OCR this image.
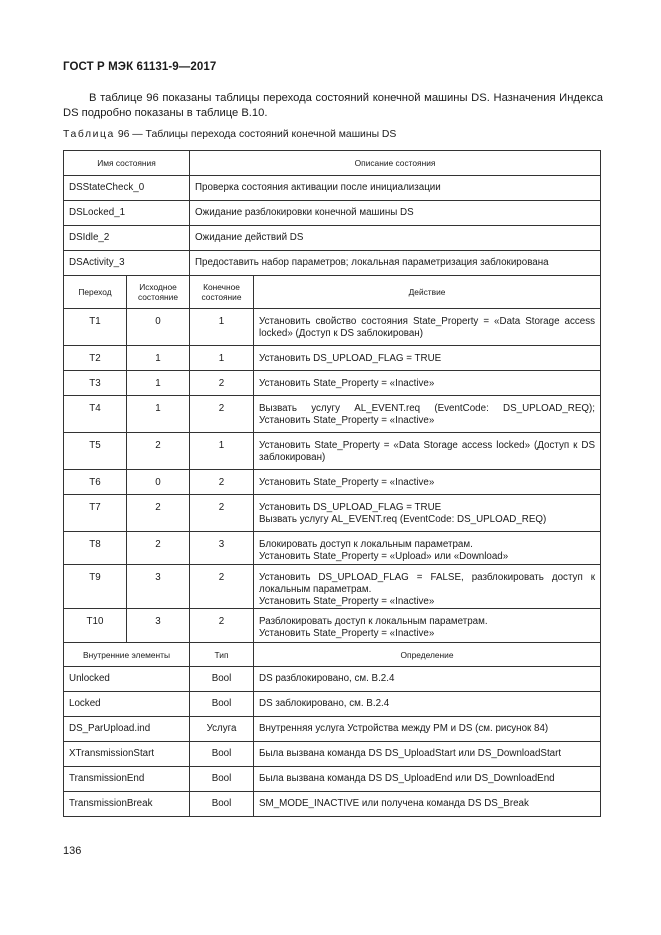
ГОСТ Р МЭК 61131-9—2017
В таблице 96 показаны таблицы перехода состояний конечной машины DS. Назначения Индекса DS подробно показаны в таблице В.10.
Таблица 96 — Таблицы перехода состояний конечной машины DS
Имя состояния		Описание состояния	
DSStateCheck_0		Проверка состояния активации после инициализации	
DSLocked_1		Ожидание разблокировки конечной машины DS	
DSIdle_2		Ожидание действий DS	
DSActivity_3		Предоставить набор параметров; локальная параметризация заблокирована	
Переход	Исходное состояние	Конечное состояние	Действие
T1	0	1	Установить свойство состояния State_Property = «Data Storage access locked» (Доступ к DS заблокирован)
T2	1	1	Установить DS_UPLOAD_FLAG = TRUE
T3	1	2	Установить State_Property = «Inactive»
T4	1	2	Вызвать услугу AL_EVENT.req (EventCode: DS_UPLOAD_REQ); Установить State_Property = «Inactive»
T5	2	1	Установить State_Property = «Data Storage access locked» (Доступ к DS заблокирован)
T6	0	2	Установить State_Property = «Inactive»
T7	2	2	Установить DS_UPLOAD_FLAG = TRUE
Вызвать услугу AL_EVENT.req (EventCode: DS_UPLOAD_REQ)
T8	2	3	Блокировать доступ к локальным параметрам.
Установить State_Property = «Upload» или «Download»
T9	3	2	Установить DS_UPLOAD_FLAG = FALSE, разблокировать доступ к локальным параметрам.
Установить State_Property = «Inactive»
T10	3	2	Разблокировать доступ к локальным параметрам.
Установить State_Property = «Inactive»
Внутренние элементы		Тип	Определение
Unlocked		Bool	DS разблокировано, см. В.2.4
Locked		Bool	DS заблокировано, см. В.2.4
DS_ParUpload.ind		Услуга	Внутренняя услуга Устройства между PM и DS (см. рисунок 84)
XTransmissionStart		Bool	Была вызвана команда DS DS_UploadStart или DS_DownloadStart
TransmissionEnd		Bool	Была вызвана команда DS DS_UploadEnd или DS_DownloadEnd
TransmissionBreak		Bool	SM_MODE_INACTIVE или получена команда DS DS_Break
136
